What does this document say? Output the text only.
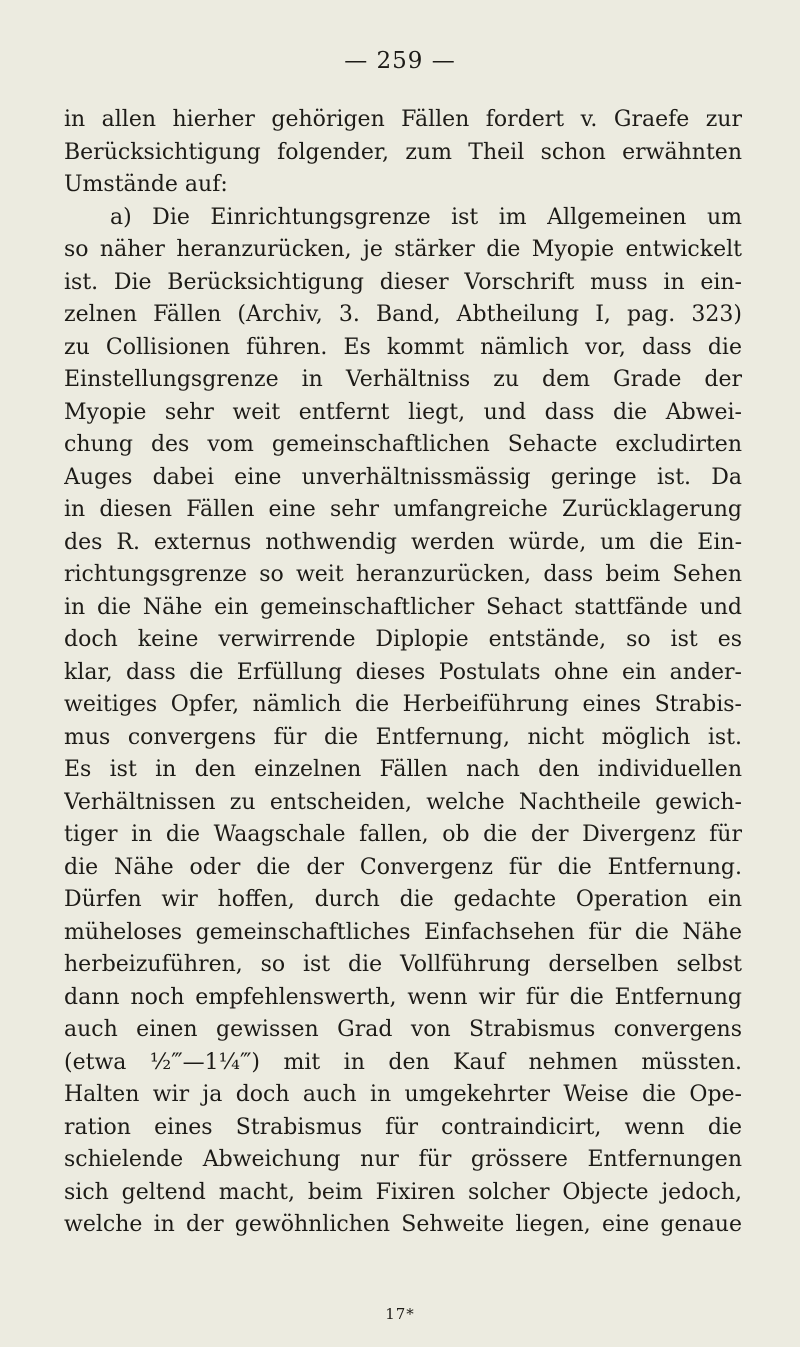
— 259 —
in allen hierher gehörigen Fällen fordert v. Graefe zur
Berücksichtigung folgender, zum Theil schon erwähnten
Umstände auf:
a) Die Einrichtungsgrenze ist im Allgemeinen um
so näher heranzurücken, je stärker die Myopie entwickelt
ist. Die Berücksichtigung dieser Vorschrift muss in ein-
zelnen Fällen (Archiv, 3. Band, Abtheilung I, pag. 323)
zu Collisionen führen. Es kommt nämlich vor, dass die
Einstellungsgrenze in Verhältniss zu dem Grade der
Myopie sehr weit entfernt liegt, und dass die Abwei-
chung des vom gemeinschaftlichen Sehacte excludirten
Auges dabei eine unverhältnissmässig geringe ist. Da
in diesen Fällen eine sehr umfangreiche Zurücklagerung
des R. externus nothwendig werden würde, um die Ein-
richtungsgrenze so weit heranzurücken, dass beim Sehen
in die Nähe ein gemeinschaftlicher Sehact stattfände und
doch keine verwirrende Diplopie entstände, so ist es
klar, dass die Erfüllung dieses Postulats ohne ein ander-
weitiges Opfer, nämlich die Herbeiführung eines Strabis-
mus convergens für die Entfernung, nicht möglich ist.
Es ist in den einzelnen Fällen nach den individuellen
Verhältnissen zu entscheiden, welche Nachtheile gewich-
tiger in die Waagschale fallen, ob die der Divergenz für
die Nähe oder die der Convergenz für die Entfernung.
Dürfen wir hoffen, durch die gedachte Operation ein
müheloses gemeinschaftliches Einfachsehen für die Nähe
herbeizuführen, so ist die Vollführung derselben selbst
dann noch empfehlenswerth, wenn wir für die Entfernung
auch einen gewissen Grad von Strabismus convergens
(etwa ½‴—1¼‴) mit in den Kauf nehmen müssten.
Halten wir ja doch auch in umgekehrter Weise die Ope-
ration eines Strabismus für contraindicirt, wenn die
schielende Abweichung nur für grössere Entfernungen
sich geltend macht, beim Fixiren solcher Objecte jedoch,
welche in der gewöhnlichen Sehweite liegen, eine genaue
17*
